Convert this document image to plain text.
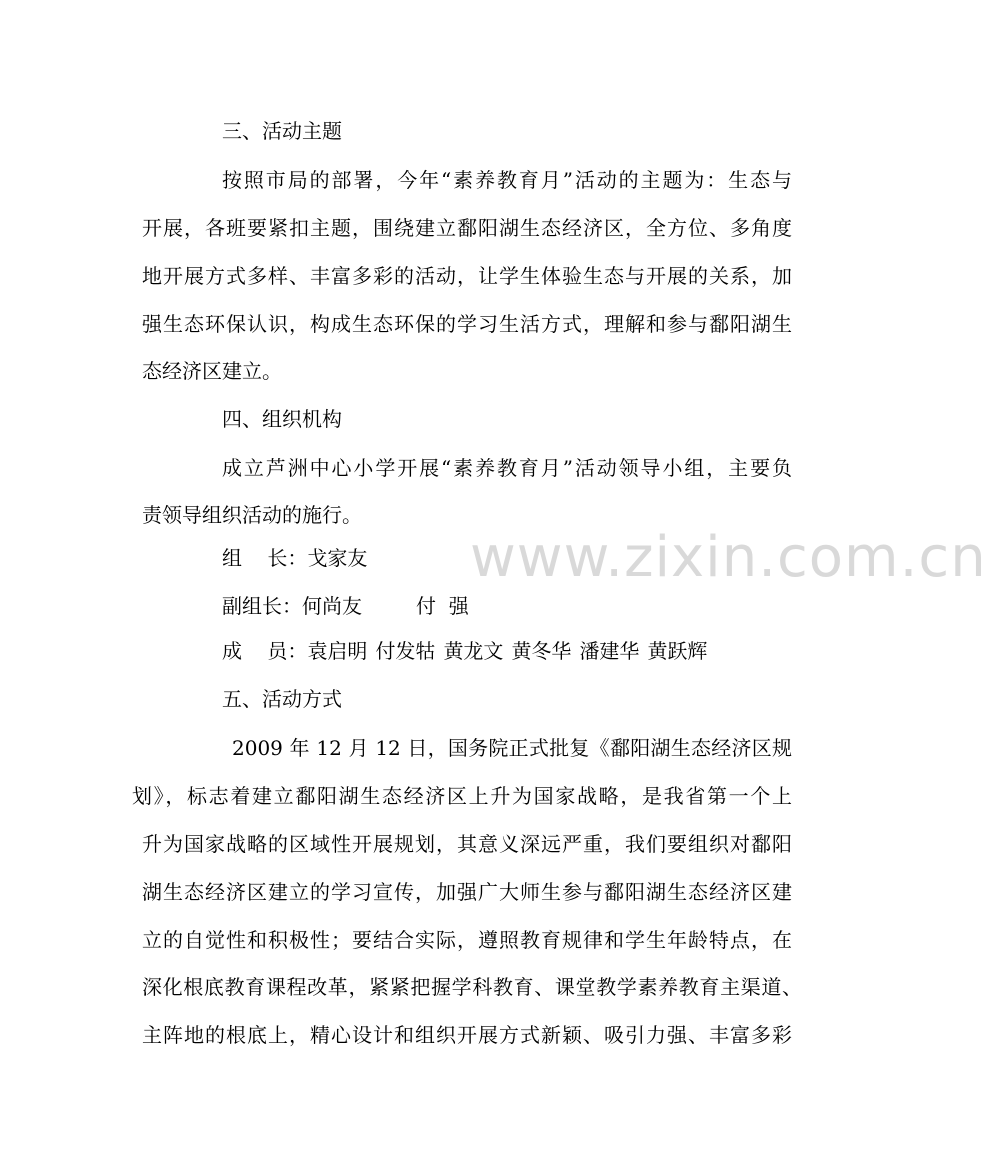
www.zixin.com.cn
三、活动主题
按照市局的部署，今年“素养教育月”活动的主题为：生态与
开展，各班要紧扣主题，围绕建立鄱阳湖生态经济区，全方位、多角度
地开展方式多样、丰富多彩的活动，让学生体验生态与开展的关系，加
强生态环保认识，构成生态环保的学习生活方式，理解和参与鄱阳湖生
态经济区建立。
四、组织机构
成立芦洲中心小学开展“素养教育月”活动领导小组，主要负
责领导组织活动的施行。
组    长：戈家友
副组长：何尚友	付  强
成    员：袁启明 付发牯 黄龙文 黄冬华 潘建华 黄跃辉
五、活动方式
2009 年 12 月 12 日，国务院正式批复《鄱阳湖生态经济区规
划》，标志着建立鄱阳湖生态经济区上升为国家战略，是我省第一个上
升为国家战略的区域性开展规划，其意义深远严重，我们要组织对鄱阳
湖生态经济区建立的学习宣传，加强广大师生参与鄱阳湖生态经济区建
立的自觉性和积极性；要结合实际，遵照教育规律和学生年龄特点，在
深化根底教育课程改革，紧紧把握学科教育、课堂教学素养教育主渠道、
主阵地的根底上，精心设计和组织开展方式新颖、吸引力强、丰富多彩
